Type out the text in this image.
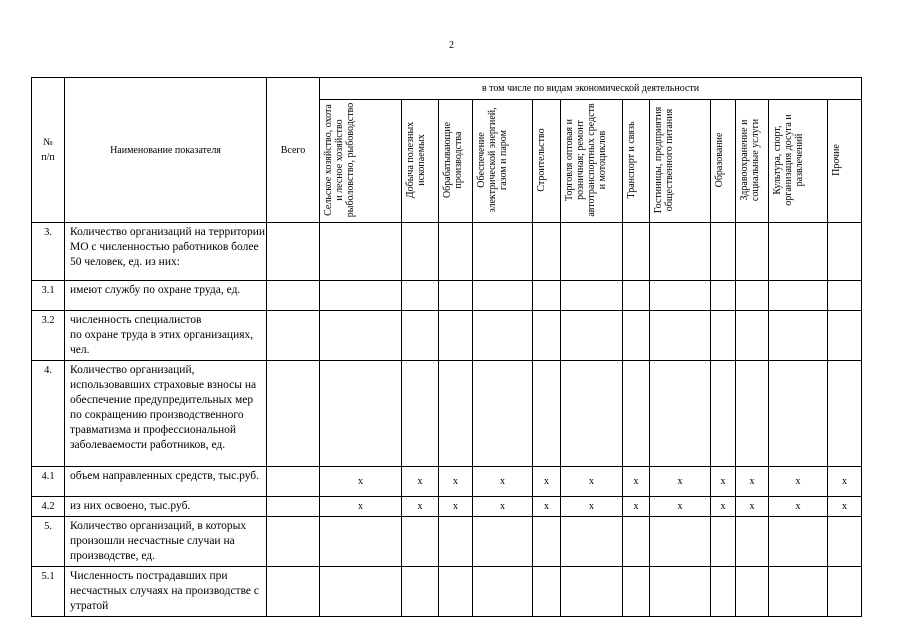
2
№
п/п	Наименование показателя	Всего	в том числе по видам экономической деятельности											

			Сельское хозяйство, охота и лесное хозяйство рыболовство, рыбоводство	Добыча полезных ископаемых	Обрабатывающие производства	Обеспечение электрической энергией, газом и паром	Строительство	Торговля оптовая и розничная; ремонт автотранспортных средств и мотоциклов	Транспорт и связь	Гостиницы, предприятия общественного питания	Образование	Здравоохранение и социальные услуги	Культура, спорт, организация досуга и развлечений	Прочие

3.	Количество организаций на территории МО с численностью работников более 50 человек, ед. из них:													
3.1	имеют службу по охране труда, ед.													
3.2	численность специалистов
по охране труда в этих организациях, чел.													
4.	Количество организаций, использовавших страховые взносы на обеспечение предупредительных мер по сокращению производственного травматизма и профессиональной заболеваемости работников, ед.													
4.1	объем направленных средств, тыс.руб.		х	х	х	х	х	х	х	х	х	х	х	х
4.2	из них освоено, тыс.руб.		х	х	х	х	х	х	х	х	х	х	х	х
5.	Количество организаций, в которых произошли несчастные случаи на производстве, ед.													
5.1	Численность пострадавших при несчастных случаях на производстве с утратой													
